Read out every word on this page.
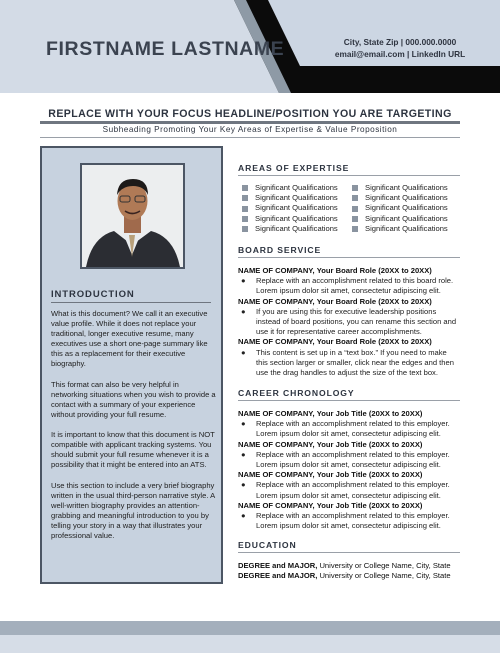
FIRSTNAME LASTNAME	City, State Zip | 000.000.0000
email@email.com | LinkedIn URL
REPLACE WITH YOUR FOCUS HEADLINE/POSITION YOU ARE TARGETING
Subheading Promoting Your Key Areas of Expertise & Value Proposition
INTRODUCTION

What is this document? We call it an executive value profile. While it does not replace your traditional, longer executive resume, many executives use a short one-page summary like this as a replacement for their executive biography.

This format can also be very helpful in networking situations when you wish to provide a contact with a summary of your experience without providing your full resume.

It is important to know that this document is NOT compatible with applicant tracking systems. You should submit your full resume whenever it is a possibility that it might be entered into an ATS.

Use this section to include a very brief biography written in the usual third-person narrative style. A well-written biography provides an attention-grabbing and meaningful introduction to you by telling your story in a way that illustrates your professional value.

AREAS OF EXPERTISE
Significant Qualifications
Significant Qualifications
Significant Qualifications
Significant Qualifications
Significant Qualifications
Significant Qualifications
Significant Qualifications
Significant Qualifications
Significant Qualifications
Significant Qualifications
BOARD SERVICE
NAME OF COMPANY, Your Board Role (20XX to 20XX)
● Replace with an accomplishment related to this board role.
Lorem ipsum dolor sit amet, consectetur adipiscing elit.
NAME OF COMPANY, Your Board Role (20XX to 20XX)
● If you are using this for executive leadership positions
instead of board positions, you can rename this section and
use it for representative career accomplishments.
NAME OF COMPANY, Your Board Role (20XX to 20XX)
● This content is set up in a “text box.” If you need to make
this section larger or smaller, click near the edges and then
use the drag handles to adjust the size of the text box.
CAREER CHRONOLOGY
NAME OF COMPANY, Your Job Title (20XX to 20XX)
● Replace with an accomplishment related to this employer.
Lorem ipsum dolor sit amet, consectetur adipiscing elit.
NAME OF COMPANY, Your Job Title (20XX to 20XX)
● Replace with an accomplishment related to this employer.
Lorem ipsum dolor sit amet, consectetur adipiscing elit.
NAME OF COMPANY, Your Job Title (20XX to 20XX)
● Replace with an accomplishment related to this employer.
Lorem ipsum dolor sit amet, consectetur adipiscing elit.
NAME OF COMPANY, Your Job Title (20XX to 20XX)
● Replace with an accomplishment related to this employer.
Lorem ipsum dolor sit amet, consectetur adipiscing elit.
EDUCATION
DEGREE and MAJOR, University or College Name, City, State
DEGREE and MAJOR, University or College Name, City, State
